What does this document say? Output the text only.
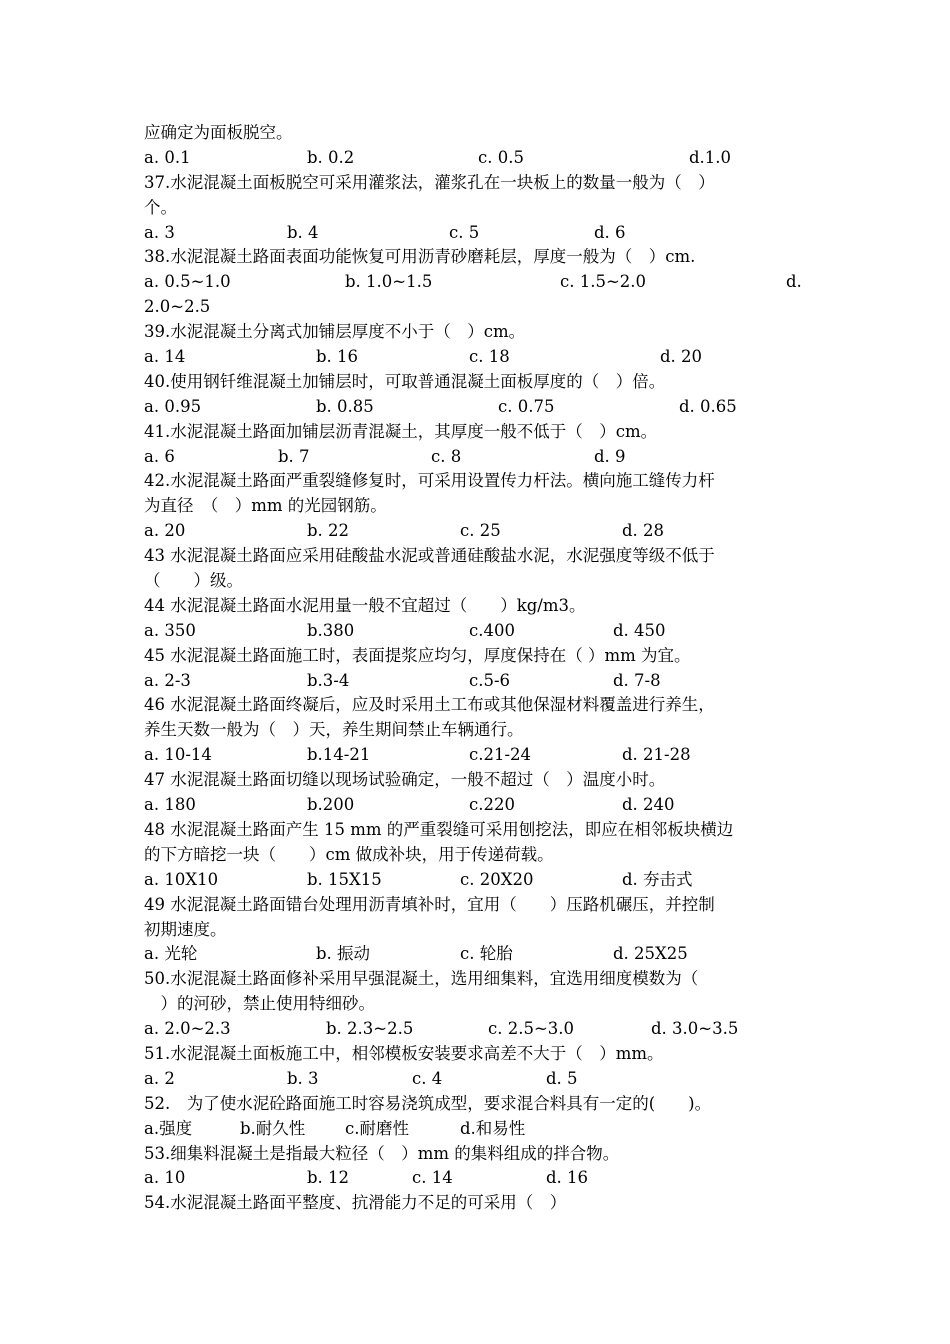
应确定为面板脱空。
a. 0.1	b. 0.2	c. 0.5	d.1.0
37.水泥混凝土面板脱空可采用灌浆法，灌浆孔在一块板上的数量一般为（　）
个。
a. 3	b. 4	c. 5	d. 6
38.水泥混凝土路面表面功能恢复可用沥青砂磨耗层，厚度一般为（　）cm.
a. 0.5~1.0	b. 1.0~1.5	c. 1.5~2.0	d.
2.0~2.5
39.水泥混凝土分离式加铺层厚度不小于（　）cm。
a. 14	b. 16	c. 18	d. 20
40.使用钢钎维混凝土加铺层时，可取普通混凝土面板厚度的（　）倍。
a. 0.95	b. 0.85	c. 0.75	d. 0.65
41.水泥混凝土路面加铺层沥青混凝土，其厚度一般不低于（　）cm。
a. 6	b. 7	c. 8	d. 9
42.水泥混凝土路面严重裂缝修复时，可采用设置传力杆法。横向施工缝传力杆
为直径　（　）mm 的光园钢筋。
a. 20	b. 22	c. 25	d. 28
43 水泥混凝土路面应采用硅酸盐水泥或普通硅酸盐水泥，水泥强度等级不低于
（　　）级。
44 水泥混凝土路面水泥用量一般不宜超过（　　）kg/m3。
a. 350	b.380	c.400	d. 450
45 水泥混凝土路面施工时，表面提浆应均匀，厚度保持在（ ）mm 为宜。
a. 2-3	b.3-4	c.5-6	d. 7-8
46 水泥混凝土路面终凝后，应及时采用土工布或其他保湿材料覆盖进行养生，
养生天数一般为（　）天，养生期间禁止车辆通行。
a. 10-14	b.14-21	c.21-24	d. 21-28
47 水泥混凝土路面切缝以现场试验确定，一般不超过（　）温度小时。
a. 180	b.200	c.220	d. 240
48 水泥混凝土路面产生 15 mm 的严重裂缝可采用刨挖法，即应在相邻板块横边
的下方暗挖一块（　　）cm 做成补块，用于传递荷载。
a. 10X10	b. 15X15	c. 20X20	d. 夯击式
49 水泥混凝土路面错台处理用沥青填补时，宜用（　　）压路机碾压，并控制
初期速度。
a. 光轮	b. 振动	c. 轮胎	d. 25X25
50.水泥混凝土路面修补采用早强混凝土，选用细集料，宜选用细度模数为（
　）的河砂，禁止使用特细砂。
a. 2.0~2.3	b. 2.3~2.5	c. 2.5~3.0	d. 3.0~3.5
51.水泥混凝土面板施工中，相邻模板安装要求高差不大于（　）mm。
a. 2	b. 3	c. 4	d. 5
52.　为了使水泥砼路面施工时容易浇筑成型，要求混合料具有一定的(　　)。
a.强度	b.耐久性 c.耐磨性	d.和易性
53.细集料混凝土是指最大粒径（　）mm 的集料组成的拌合物。
a. 10	b. 12	c. 14	d. 16
54.水泥混凝土路面平整度、抗滑能力不足的可采用（　）
